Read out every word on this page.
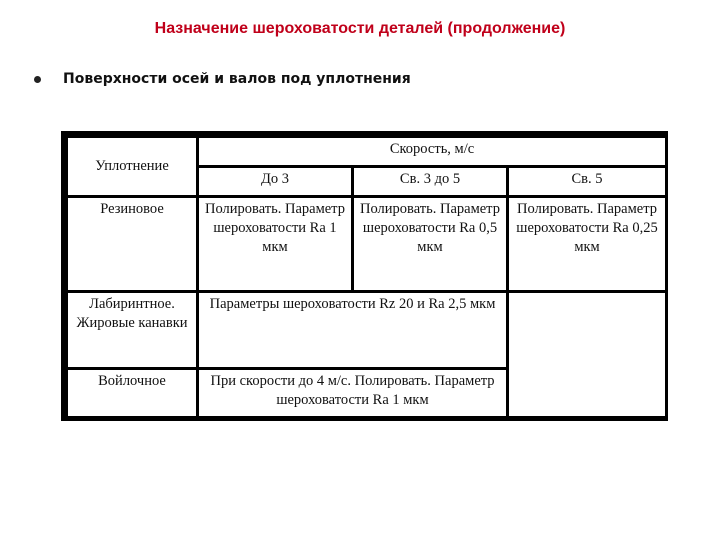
Назначение шероховатости деталей (продолжение)
Поверхности осей и валов под уплотнения
Уплотнение	Скорость, м/с		
	До 3	Св. 3 до 5	Св. 5
Резиновое	Полировать. Параметр шероховатости Ra 1 мкм	Полировать. Параметр шероховатости Ra 0,5 мкм	Полировать. Параметр шероховатости Ra 0,25 мкм
Лабиринтное. Жировые канавки	Параметры шероховатости Rz 20 и Ra 2,5 мкм		
Войлочное	При скорости до 4 м/с. Полировать. Параметр шероховатости Ra 1 мкм		
